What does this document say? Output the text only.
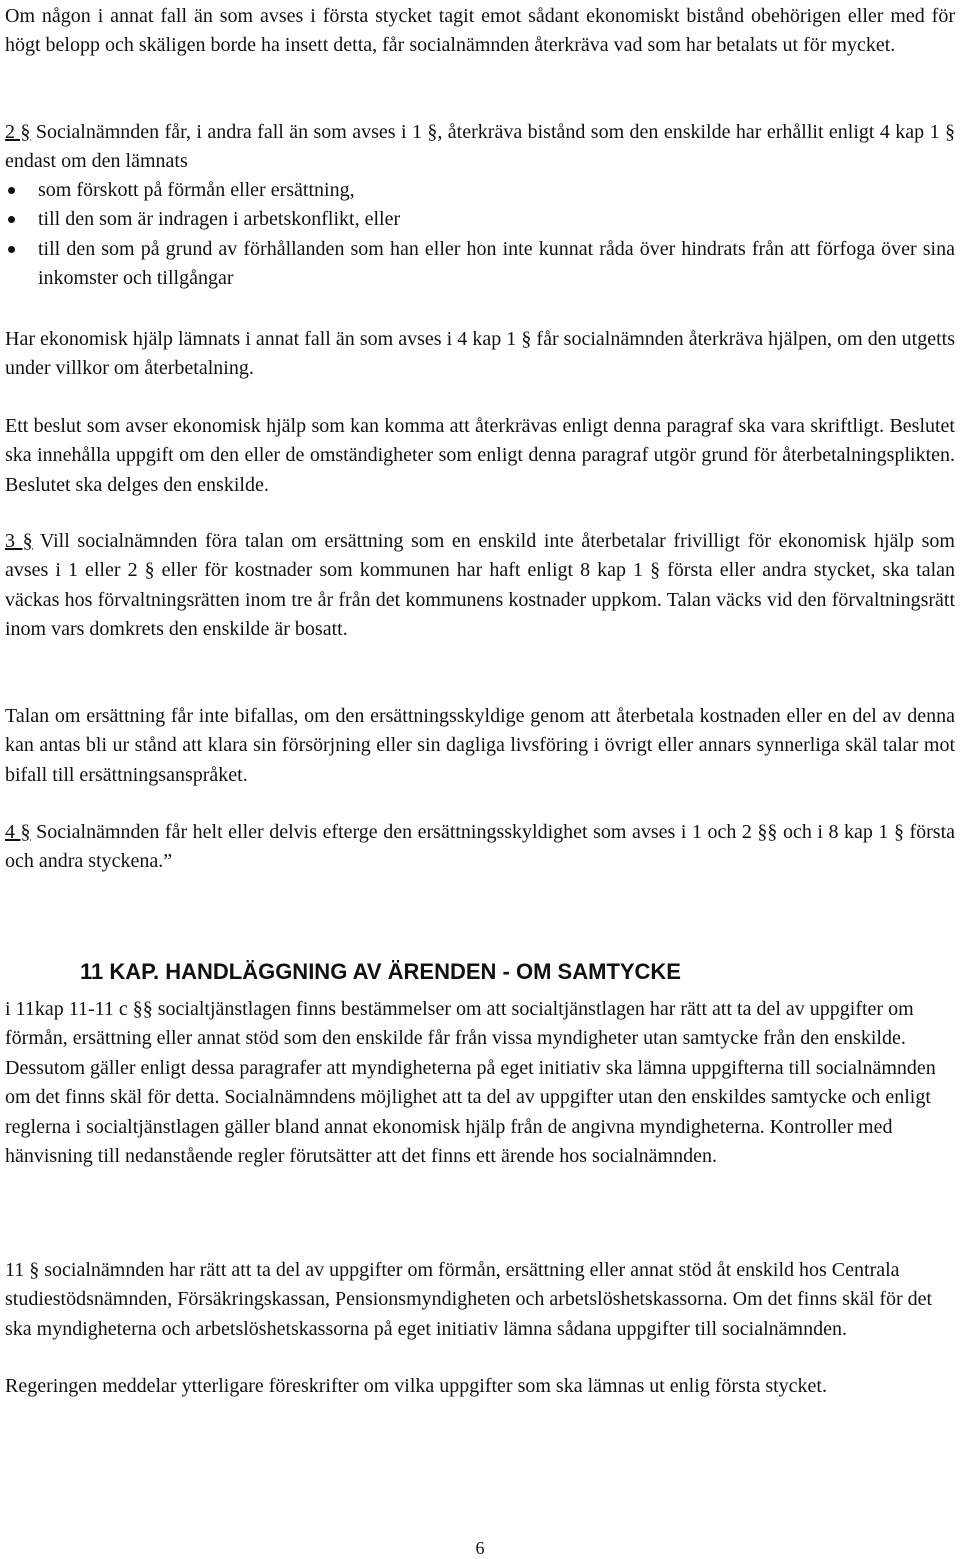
Om någon i annat fall än som avses i första stycket tagit emot sådant ekonomiskt bistånd obehörigen eller med för högt belopp och skäligen borde ha insett detta, får socialnämnden återkräva vad som har betalats ut för mycket.

2 § Socialnämnden får, i andra fall än som avses i 1 §, återkräva bistånd som den enskilde har erhållit enligt 4 kap 1 § endast om den lämnats

som förskott på förmån eller ersättning,
till den som är indragen i arbetskonflikt, eller
till den som på grund av förhållanden som han eller hon inte kunnat råda över hindrats från att förfoga över sina inkomster och tillgångar

Har ekonomisk hjälp lämnats i annat fall än som avses i 4 kap 1 § får socialnämnden återkräva hjälpen, om den utgetts under villkor om återbetalning.

Ett beslut som avser ekonomisk hjälp som kan komma att återkrävas enligt denna paragraf ska vara skriftligt. Beslutet ska innehålla uppgift om den eller de omständigheter som enligt denna paragraf utgör grund för återbetalningsplikten. Beslutet ska delges den enskilde.

3 § Vill socialnämnden föra talan om ersättning som en enskild inte återbetalar frivilligt för ekonomisk hjälp som avses i 1 eller 2 § eller för kostnader som kommunen har haft enligt 8 kap 1 § första eller andra stycket, ska talan väckas hos förvaltningsrätten inom tre år från det kommunens kostnader uppkom. Talan väcks vid den förvaltningsrätt inom vars domkrets den enskilde är bosatt.

Talan om ersättning får inte bifallas, om den ersättningsskyldige genom att återbetala kostnaden eller en del av denna kan antas bli ur stånd att klara sin försörjning eller sin dagliga livsföring i övrigt eller annars synnerliga skäl talar mot bifall till ersättningsanspråket.

4 § Socialnämnden får helt eller delvis efterge den ersättningsskyldighet som avses i 1 och 2 §§ och i 8 kap 1 § första och andra styckena.”

11 KAP. HANDLÄGGNING AV ÄRENDEN - OM SAMTYCKE

i 11kap 11-11 c §§ socialtjänstlagen finns bestämmelser om att socialtjänstlagen har rätt att ta del av uppgifter om förmån, ersättning eller annat stöd som den enskilde får från vissa myndigheter utan samtycke från den enskilde. Dessutom gäller enligt dessa paragrafer att myndigheterna på eget initiativ ska lämna uppgifterna till socialnämnden om det finns skäl för detta. Socialnämndens möjlighet att ta del av uppgifter utan den enskildes samtycke och enligt reglerna i socialtjänstlagen gäller bland annat ekonomisk hjälp från de angivna myndigheterna. Kontroller med hänvisning till nedanstående regler förutsätter att det finns ett ärende hos socialnämnden.

11 § socialnämnden har rätt att ta del av uppgifter om förmån, ersättning eller annat stöd åt enskild hos Centrala studiestödsnämnden, Försäkringskassan, Pensionsmyndigheten och arbetslöshetskassorna. Om det finns skäl för det ska myndigheterna och arbetslöshetskassorna på eget initiativ lämna sådana uppgifter till socialnämnden.

Regeringen meddelar ytterligare föreskrifter om vilka uppgifter som ska lämnas ut enlig första stycket.

6
